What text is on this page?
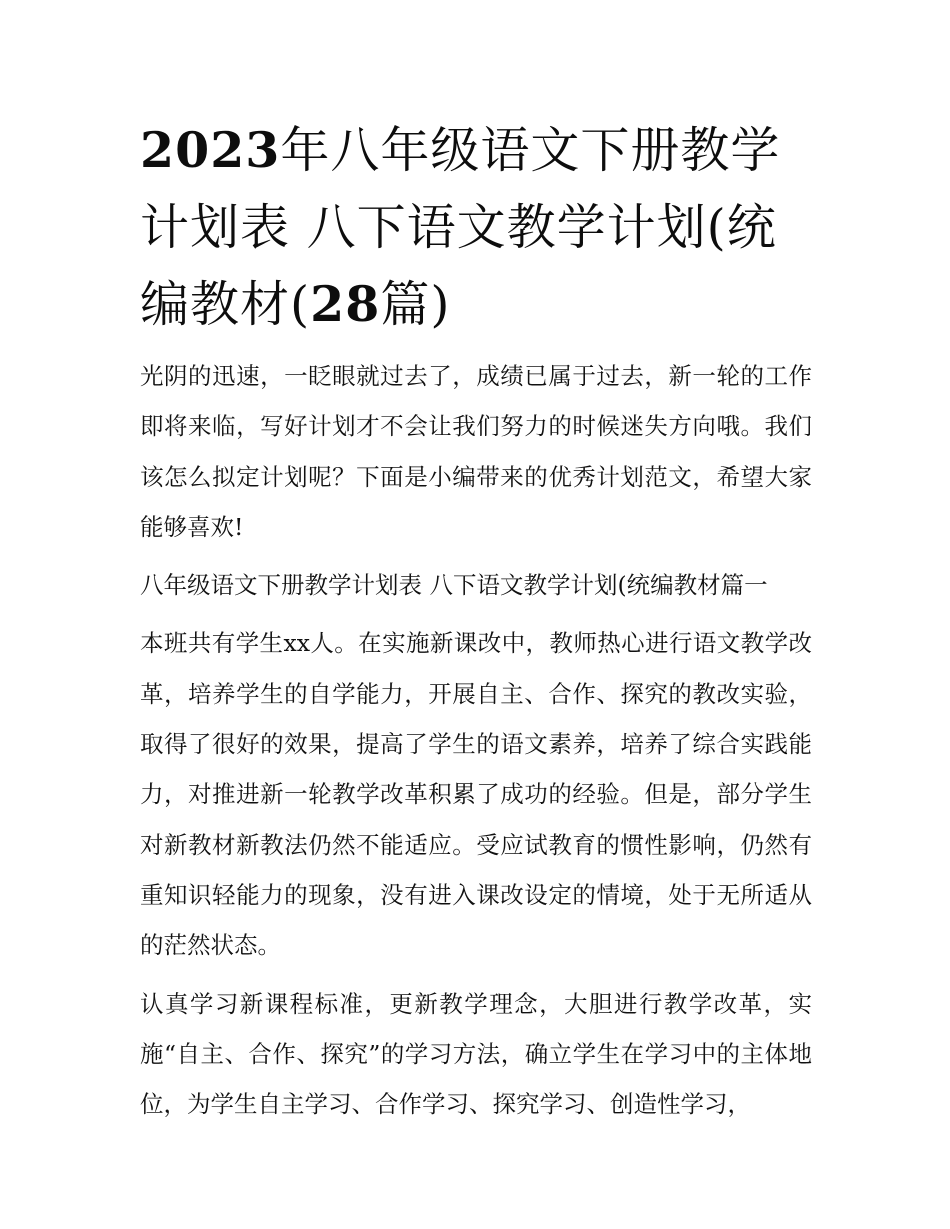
2023年八年级语文下册教学计划表 八下语文教学计划(统编教材(28篇)

光阴的迅速，一眨眼就过去了，成绩已属于过去，新一轮的工作即将来临，写好计划才不会让我们努力的时候迷失方向哦。我们该怎么拟定计划呢？下面是小编带来的优秀计划范文，希望大家能够喜欢!

八年级语文下册教学计划表 八下语文教学计划(统编教材篇一

本班共有学生xx人。在实施新课改中，教师热心进行语文教学改革，培养学生的自学能力，开展自主、合作、探究的教改实验，取得了很好的效果，提高了学生的语文素养，培养了综合实践能力，对推进新一轮教学改革积累了成功的经验。但是，部分学生对新教材新教法仍然不能适应。受应试教育的惯性影响，仍然有重知识轻能力的现象，没有进入课改设定的情境，处于无所适从的茫然状态。

认真学习新课程标准，更新教学理念，大胆进行教学改革，实施“自主、合作、探究”的学习方法，确立学生在学习中的主体地位，为学生自主学习、合作学习、探究学习、创造性学习，
